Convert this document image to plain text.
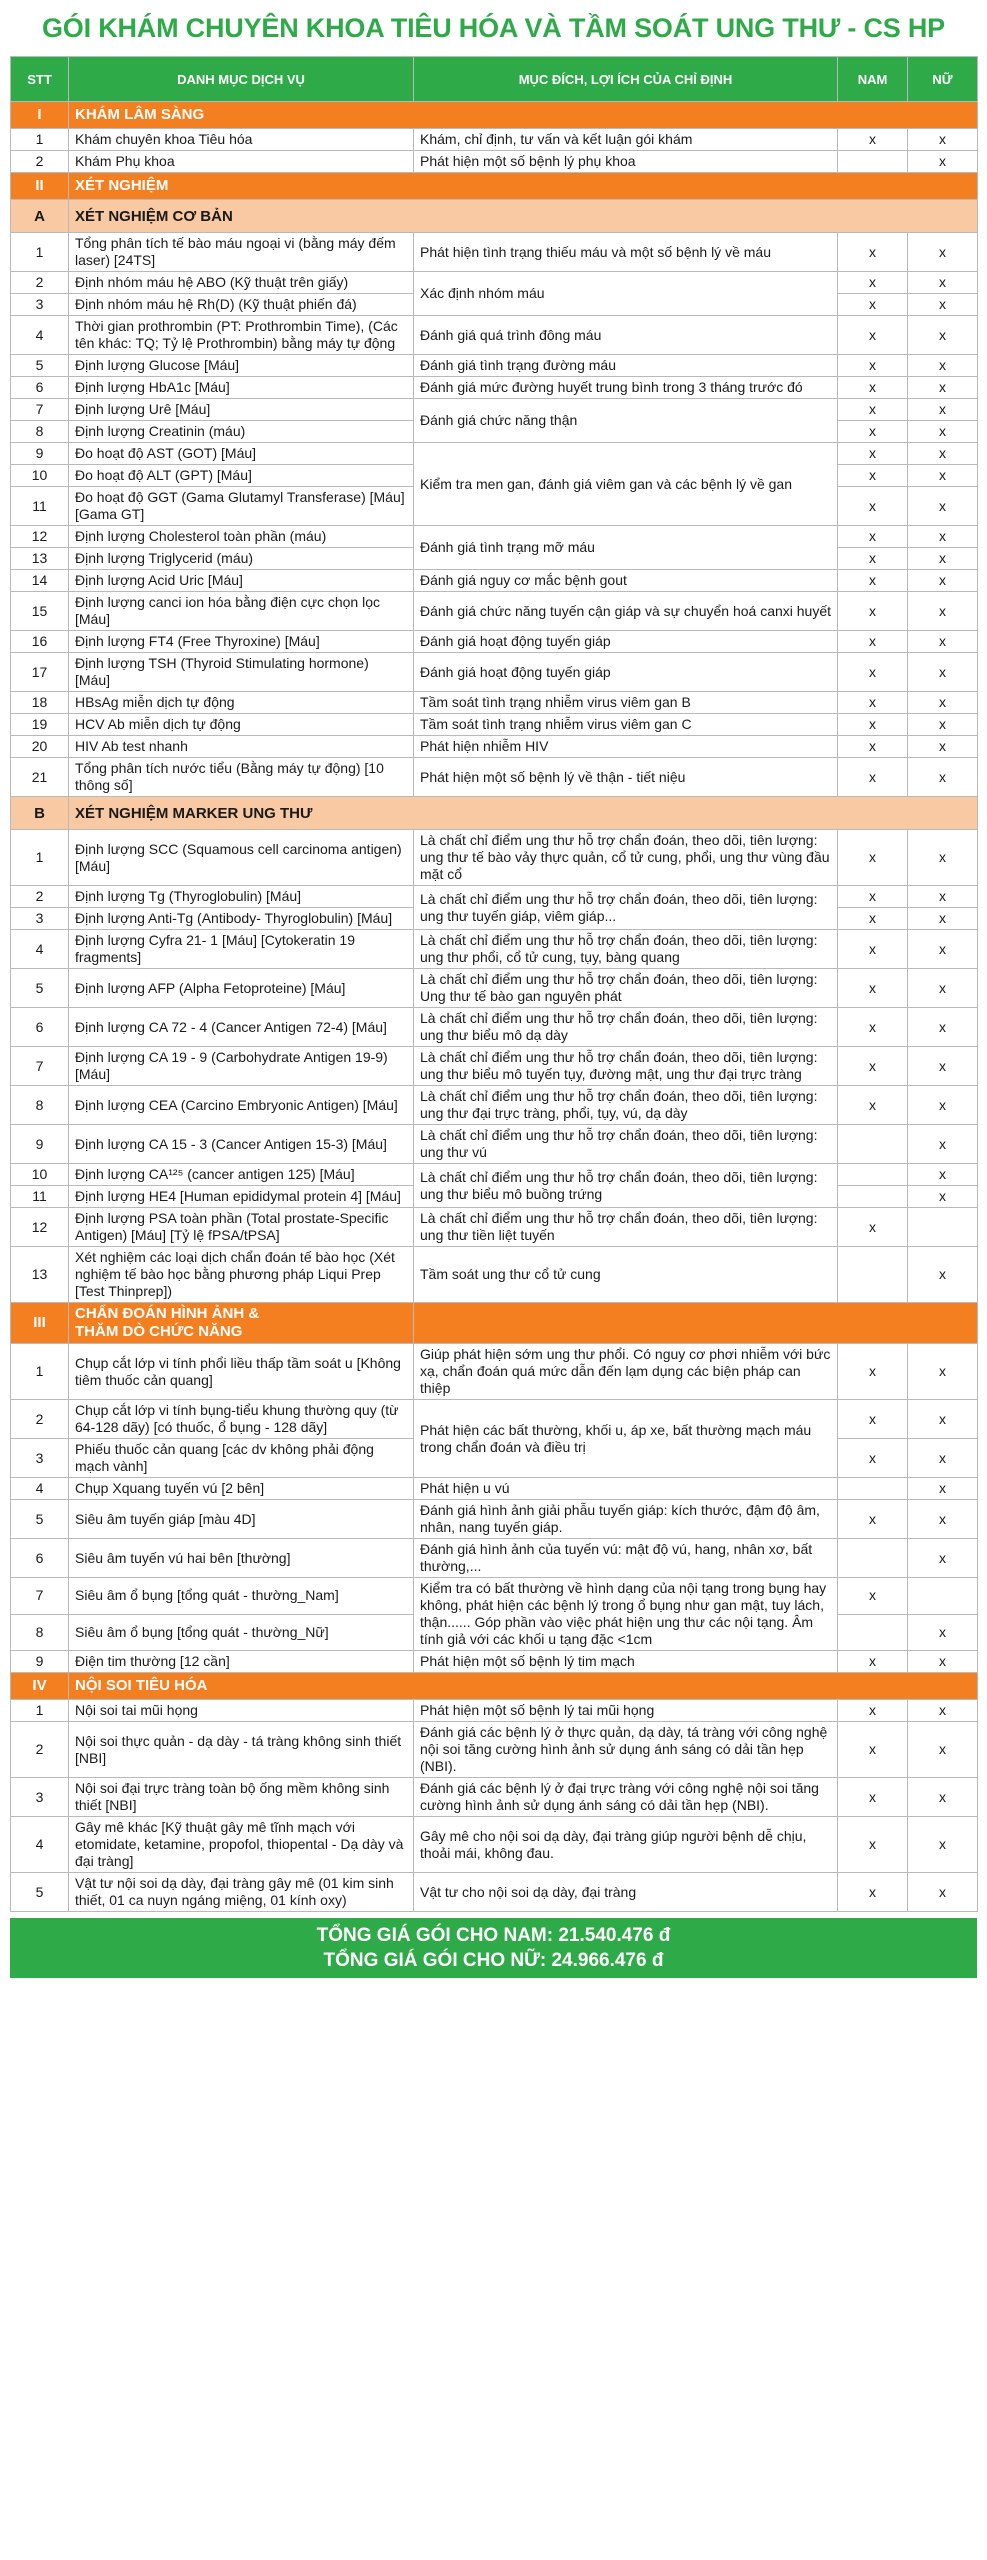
GÓI KHÁM CHUYÊN KHOA TIÊU HÓA VÀ TẦM SOÁT UNG THƯ - CS HP
STT	DANH MỤC DỊCH VỤ	MỤC ĐÍCH, LỢI ÍCH CỦA CHỈ ĐỊNH	NAM	NỮ
I	KHÁM LÂM SÀNG			
1	Khám chuyên khoa Tiêu hóa	Khám, chỉ định, tư vấn và kết luận gói khám	x	x
2	Khám Phụ khoa	Phát hiện một số bệnh lý phụ khoa		x
II	XÉT NGHIỆM			
A	XÉT NGHIỆM CƠ BẢN			
1	Tổng phân tích tế bào máu ngoại vi (bằng máy đếm laser) [24TS]	Phát hiện tình trạng thiếu máu và một số bệnh lý về máu	x	x
2	Định nhóm máu hệ ABO (Kỹ thuật trên giấy)	Xác định nhóm máu	x	x
3	Định nhóm máu hệ Rh(D) (Kỹ thuật phiến đá)		x	x
4	Thời gian prothrombin (PT: Prothrombin Time), (Các tên khác: TQ; Tỷ lệ Prothrombin) bằng máy tự động	Đánh giá quá trình đông máu	x	x
5	Định lượng Glucose [Máu]	Đánh giá tình trạng đường máu	x	x
6	Định lượng HbA1c [Máu]	Đánh giá mức đường huyết trung bình trong 3 tháng trước đó	x	x
7	Định lượng Urê [Máu]	Đánh giá chức năng thận	x	x
8	Định lượng Creatinin (máu)		x	x
9	Đo hoạt độ AST (GOT) [Máu]	Kiểm tra men gan, đánh giá viêm gan và các bệnh lý về gan	x	x
10	Đo hoạt độ ALT (GPT) [Máu]		x	x
11	Đo hoạt độ GGT (Gama Glutamyl Transferase) [Máu] [Gama GT]		x	x
12	Định lượng Cholesterol toàn phần (máu)	Đánh giá tình trạng mỡ máu	x	x
13	Định lượng Triglycerid (máu)		x	x
14	Định lượng Acid Uric [Máu]	Đánh giá nguy cơ mắc bệnh gout	x	x
15	Định lượng canci ion hóa bằng điện cực chọn lọc [Máu]	Đánh giá chức năng tuyến cận giáp và sự chuyển hoá canxi huyết	x	x
16	Định lượng FT4 (Free Thyroxine) [Máu]	Đánh giá hoạt động tuyến giáp	x	x
17	Định lượng TSH (Thyroid Stimulating hormone) [Máu]	Đánh giá hoạt động tuyến giáp	x	x
18	HBsAg miễn dịch tự động	Tầm soát tình trạng nhiễm virus viêm gan B	x	x
19	HCV Ab miễn dịch tự động	Tầm soát tình trạng nhiễm virus viêm gan C	x	x
20	HIV Ab test nhanh	Phát hiện nhiễm HIV	x	x
21	Tổng phân tích nước tiểu (Bằng máy tự động) [10 thông số]	Phát hiện một số bệnh lý về thận - tiết niệu	x	x
B	XÉT NGHIỆM MARKER UNG THƯ			
1	Định lượng SCC (Squamous cell carcinoma antigen) [Máu]	Là chất chỉ điểm ung thư hỗ trợ chẩn đoán, theo dõi, tiên lượng: ung thư tế bào vảy thực quản, cổ tử cung, phổi, ung thư vùng đầu mặt cổ	x	x
2	Định lượng Tg (Thyroglobulin) [Máu]	Là chất chỉ điểm ung thư hỗ trợ chẩn đoán, theo dõi, tiên lượng: ung thư tuyến giáp, viêm giáp...	x	x
3	Định lượng Anti-Tg (Antibody- Thyroglobulin) [Máu]		x	x
4	Định lượng Cyfra 21- 1 [Máu] [Cytokeratin 19 fragments]	Là chất chỉ điểm ung thư hỗ trợ chẩn đoán, theo dõi, tiên lượng: ung thư phổi, cổ tử cung, tụy, bàng quang	x	x
5	Định lượng AFP (Alpha Fetoproteine) [Máu]	Là chất chỉ điểm ung thư hỗ trợ chẩn đoán, theo dõi, tiên lượng: Ung thư tế bào gan nguyên phát	x	x
6	Định lượng CA 72 - 4 (Cancer Antigen 72-4) [Máu]	Là chất chỉ điểm ung thư hỗ trợ chẩn đoán, theo dõi, tiên lượng: ung thư biểu mô dạ dày	x	x
7	Định lượng CA 19 - 9 (Carbohydrate Antigen 19-9) [Máu]	Là chất chỉ điểm ung thư hỗ trợ chẩn đoán, theo dõi, tiên lượng: ung thư biểu mô tuyến tụy, đường mật, ung thư đại trực tràng	x	x
8	Định lượng CEA (Carcino Embryonic Antigen) [Máu]	Là chất chỉ điểm ung thư hỗ trợ chẩn đoán, theo dõi, tiên lượng: ung thư đại trực tràng, phổi, tụy, vú, dạ dày	x	x
9	Định lượng CA 15 - 3 (Cancer Antigen 15-3) [Máu]	Là chất chỉ điểm ung thư hỗ trợ chẩn đoán, theo dõi, tiên lượng: ung thư vú		x
10	Định lượng CA¹²⁵ (cancer antigen 125) [Máu]	Là chất chỉ điểm ung thư hỗ trợ chẩn đoán, theo dõi, tiên lượng: ung thư biểu mô buồng trứng		x
11	Định lượng HE4 [Human epididymal protein 4] [Máu]			x
12	Định lượng PSA toàn phần (Total prostate-Specific Antigen) [Máu] [Tỷ lệ fPSA/tPSA]	Là chất chỉ điểm ung thư hỗ trợ chẩn đoán, theo dõi, tiên lượng: ung thư tiền liệt tuyến	x	
13	Xét nghiệm các loại dịch chẩn đoán tế bào học (Xét nghiệm tế bào học bằng phương pháp Liqui Prep [Test Thinprep])	Tầm soát ung thư cổ tử cung		x
III	CHẨN ĐOÁN HÌNH ẢNH & THĂM DÒ CHỨC NĂNG			

1	Chụp cắt lớp vi tính phổi liều thấp tầm soát u [Không tiêm thuốc cản quang]	Giúp phát hiện sớm ung thư phổi. Có nguy cơ phơi nhiễm với bức xạ, chẩn đoán quá mức dẫn đến lạm dụng các biện pháp can thiệp	x	x
2	Chụp cắt lớp vi tính bụng-tiểu khung thường quy (từ 64-128 dãy) [có thuốc, ổ bụng - 128 dãy]	Phát hiện các bất thường, khối u, áp xe, bất thường mạch máu trong chẩn đoán và điều trị	x	x
3	Phiếu thuốc cản quang [các dv không phải động mạch vành]		x	x
4	Chụp Xquang tuyến vú [2 bên]	Phát hiện u vú		x
5	Siêu âm tuyến giáp [màu 4D]	Đánh giá hình ảnh giải phẫu tuyến giáp: kích thước, đậm độ âm, nhân, nang tuyến giáp.	x	x
6	Siêu âm tuyến vú hai bên [thường]	Đánh giá hình ảnh của tuyến vú: mật độ vú, hang, nhân xơ, bất thường,...		x
7	Siêu âm ổ bụng [tổng quát - thường_Nam]	Kiểm tra có bất thường về hình dạng của nội tạng trong bụng hay không, phát hiện các bệnh lý trong ổ bụng như gan mật, tuy lách, thận...... Góp phần vào việc phát hiện ung thư các nội tạng. Âm tính giả với các khối u tạng đặc <1cm	x	
8	Siêu âm ổ bụng [tổng quát - thường_Nữ]			x
9	Điện tim thường [12 cần]	Phát hiện một số bệnh lý tim mạch	x	x
IV	NỘI SOI TIÊU HÓA			
1	Nội soi tai mũi họng	Phát hiện một số bệnh lý tai mũi họng	x	x
2	Nội soi thực quản - dạ dày - tá tràng không sinh thiết [NBI]	Đánh giá các bệnh lý ở thực quản, dạ dày, tá tràng với công nghệ nội soi tăng cường hình ảnh sử dụng ánh sáng có dải tần hẹp (NBI).	x	x
3	Nội soi đại trực tràng toàn bộ ống mềm không sinh thiết [NBI]	Đánh giá các bệnh lý ở đại trực tràng với công nghệ nội soi tăng cường hình ảnh sử dụng ánh sáng có dải tần hẹp (NBI).	x	x
4	Gây mê khác [Kỹ thuật gây mê tĩnh mạch với etomidate, ketamine, propofol, thiopental - Dạ dày và đại tràng]	Gây mê cho nội soi dạ dày, đại tràng giúp người bệnh dễ chịu, thoải mái, không đau.	x	x
5	Vật tư nội soi dạ dày, đại tràng gây mê (01 kim sinh thiết, 01 ca nuyn ngáng miệng, 01 kính oxy)	Vật tư cho nội soi dạ dày, đại tràng	x	x
TỔNG GIÁ GÓI CHO NAM: 21.540.476 đ
TỔNG GIÁ GÓI CHO NỮ: 24.966.476 đ
